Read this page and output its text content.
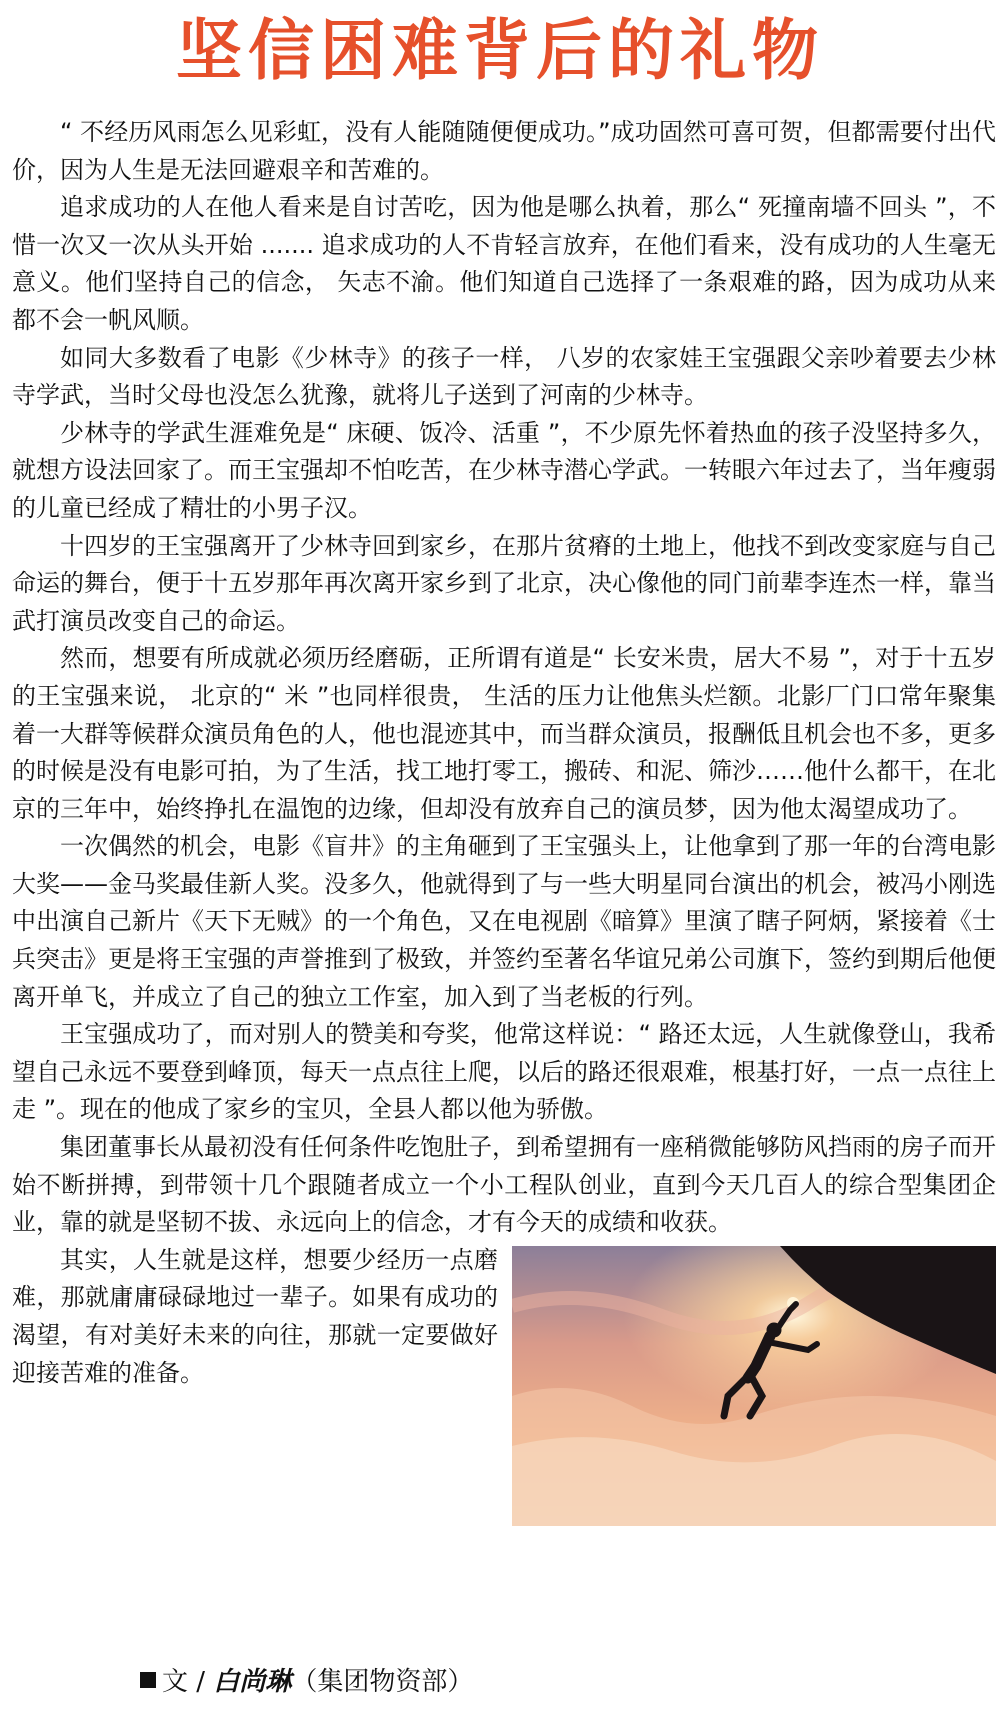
坚信困难背后的礼物

“ 不经历风雨怎么见彩虹，没有人能随随便便成功。”成功固然可喜可贺，但都需要付出代价，因为人生是无法回避艰辛和苦难的。

追求成功的人在他人看来是自讨苦吃，因为他是哪么执着，那么“ 死撞南墙不回头 ”，不惜一次又一次从头开始 ....... 追求成功的人不肯轻言放弃，在他们看来，没有成功的人生毫无意义。他们坚持自己的信念， 矢志不渝。他们知道自己选择了一条艰难的路，因为成功从来都不会一帆风顺。

如同大多数看了电影《少林寺》的孩子一样， 八岁的农家娃王宝强跟父亲吵着要去少林寺学武，当时父母也没怎么犹豫，就将儿子送到了河南的少林寺。

少林寺的学武生涯难免是“ 床硬、饭冷、活重 ”，不少原先怀着热血的孩子没坚持多久，就想方设法回家了。而王宝强却不怕吃苦，在少林寺潜心学武。一转眼六年过去了，当年瘦弱的儿童已经成了精壮的小男子汉。

十四岁的王宝强离开了少林寺回到家乡，在那片贫瘠的土地上，他找不到改变家庭与自己命运的舞台，便于十五岁那年再次离开家乡到了北京，决心像他的同门前辈李连杰一样，靠当武打演员改变自己的命运。

然而，想要有所成就必须历经磨砺，正所谓有道是“ 长安米贵，居大不易 ”，对于十五岁的王宝强来说， 北京的“ 米 ”也同样很贵， 生活的压力让他焦头烂额。北影厂门口常年聚集着一大群等候群众演员角色的人，他也混迹其中，而当群众演员，报酬低且机会也不多，更多的时候是没有电影可拍，为了生活，找工地打零工，搬砖、和泥、筛沙……他什么都干，在北京的三年中，始终挣扎在温饱的边缘，但却没有放弃自己的演员梦，因为他太渴望成功了。

一次偶然的机会，电影《盲井》的主角砸到了王宝强头上，让他拿到了那一年的台湾电影大奖——金马奖最佳新人奖。没多久，他就得到了与一些大明星同台演出的机会，被冯小刚选中出演自己新片《天下无贼》的一个角色，又在电视剧《暗算》里演了瞎子阿炳，紧接着《士兵突击》更是将王宝强的声誉推到了极致，并签约至著名华谊兄弟公司旗下，签约到期后他便离开单飞，并成立了自己的独立工作室，加入到了当老板的行列。

王宝强成功了，而对别人的赞美和夸奖，他常这样说：“ 路还太远，人生就像登山，我希望自己永远不要登到峰顶，每天一点点往上爬，以后的路还很艰难，根基打好，一点一点往上走 ”。现在的他成了家乡的宝贝，全县人都以他为骄傲。

集团董事长从最初没有任何条件吃饱肚子，到希望拥有一座稍微能够防风挡雨的房子而开始不断拼搏，到带领十几个跟随者成立一个小工程队创业，直到今天几百人的综合型集团企业，靠的就是坚韧不拔、永远向上的信念，才有今天的成绩和收获。

其实，人生就是这样，想要少经历一点磨难，那就庸庸碌碌地过一辈子。如果有成功的渴望，有对美好未来的向往，那就一定要做好迎接苦难的准备。

文 / 白尚琳（集团物资部）
